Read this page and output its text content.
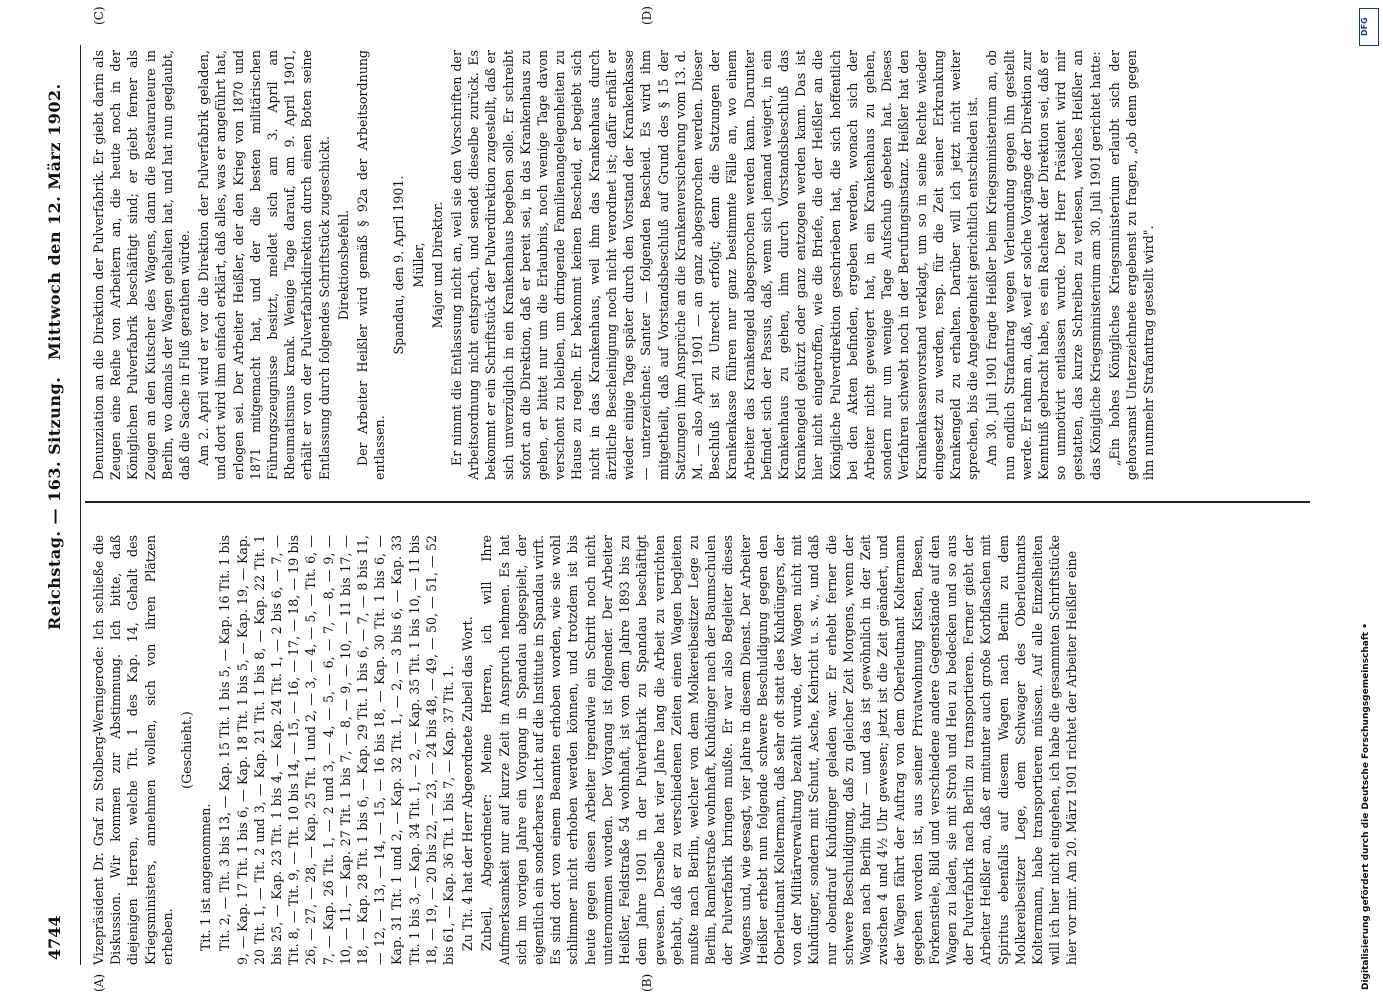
4744
Reichstag. — 163. Sitzung.
Mittwoch den 12. März 1902.
(A)	(B)
(C)	(D)

Vizepräsident Dr. Graf zu Stolberg-Wernigerode: Ich schließe die Diskussion. Wir kommen zur Abstimmung. Ich bitte, daß diejenigen Herren, welche Tit. 1 des Kap. 14, Gehalt des Kriegsministers, annehmen wollen, sich von ihren Plätzen erheben.

(Geschieht.)

Tit. 1 ist angenommen. Tit. 2, — Tit. 3 bis 13, — Kap. 15 Tit. 1 bis 5, — Kap. 16 Tit. 1 bis 9, — Kap. 17 Tit. 1 bis 6, — Kap. 18 Tit. 1 bis 5, — Kap. 19, — Kap. 20 Tit. 1, — Tit. 2 und 3, — Kap. 21 Tit. 1 bis 8, — Kap. 22 Tit. 1 bis 25, — Kap. 23 Tit. 1 bis 4, — Kap. 24 Tit. 1, — 2 bis 6, — 7, — Tit. 8, — Tit. 9, — Tit. 10 bis 14, — 15, — 16, — 17, — 18, — 19 bis 26, — 27, — 28, — Kap. 25 Tit. 1 und 2, — 3, — 4, — 5, — Tit. 6, — 7, — Kap. 26 Tit. 1, — 2 und 3, — 4, — 5, — 6, — 7, — 8, — 9, — 10, — 11, — Kap. 27 Tit. 1 bis 7, — 8, — 9, — 10, — 11 bis 17, — 18, — Kap. 28 Tit. 1 bis 6, — Kap. 29 Tit. 1 bis 6, — 7, — 8 bis 11, — 12, — 13, — 14, — 15, — 16 bis 18, — Kap. 30 Tit. 1 bis 6, — Kap. 31 Tit. 1 und 2, — Kap. 32 Tit. 1, — 2, — 3 bis 6, — Kap. 33 Tit. 1 bis 3, — Kap. 34 Tit. 1, — 2, — Kap. 35 Tit. 1 bis 10, — 11 bis 18, — 19, — 20 bis 22, — 23, — 24 bis 48, — 49, — 50, — 51, — 52 bis 61, — Kap. 36 Tit. 1 bis 7, — Kap. 37 Tit. 1. Zu Tit. 4 hat der Herr Abgeordnete Zubeil das Wort. Zubeil, Abgeordneter: Meine Herren, ich will Ihre Aufmerksamkeit nur auf kurze Zeit in Anspruch nehmen. Es hat sich im vorigen Jahre ein Vorgang in Spandau abgespielt, der eigentlich ein sonderbares Licht auf die Institute in Spandau wirft. Es sind dort von einem Beamten erhoben worden, wie sie wohl schlimmer nicht erhoben werden können, und trotzdem ist bis heute gegen diesen Arbeiter irgendwie ein Schritt noch nicht unternommen worden. Der Vorgang ist folgender. Der Arbeiter Heißler, Feldstraße 54 wohnhaft, ist von dem Jahre 1893 bis zu dem Jahre 1901 in der Pulverfabrik zu Spandau beschäftigt gewesen. Derselbe hat vier Jahre lang die Arbeit zu verrichten gehabt, daß er zu verschiedenen Zeiten einen Wagen begleiten mußte nach Berlin, welcher von dem Molkereibesitzer Lege zu Berlin, Ramlerstraße wohnhaft, Kuhdünger nach der Baumschulen der Pulverfabrik bringen mußte. Er war also Begleiter dieses Wagens und, wie gesagt, vier Jahre in diesem Dienst. Der Arbeiter Heißler erhebt nun folgende schwere Beschuldigung gegen den Oberleutnant Koltermann, daß sehr oft statt des Kuhdüngers, der von der Militärverwaltung bezahlt wurde, der Wagen nicht mit Kuhdünger, sondern mit Schutt, Asche, Kehricht u. s. w., und daß nur obendrauf Kuhdünger geladen war. Er erhebt ferner die schwere Beschuldigung, daß zu gleicher Zeit Morgens, wenn der Wagen nach Berlin fuhr — und das ist gewöhnlich in der Zeit zwischen 4 und 4½ Uhr gewesen; jetzt ist die Zeit geändert, und der Wagen fährt der Auftrag von dem Oberleutnant Koltermann gegeben worden ist, aus seiner Privatwohnung Kisten, Besen, Forkenstiele, Bild und verschiedene andere Gegenstände auf den Wagen zu laden, sie mit Stroh und Heu zu bedecken und so aus der Pulverfabrik nach Berlin zu transportieren. Ferner giebt der Arbeiter Heißler an, daß er mitunter auch große Korbflaschen mit Spiritus ebenfalls auf diesem Wagen nach Berlin zu dem Molkereibesitzer Lege, dem Schwager des Oberleutnants Koltermann, habe transportieren müssen. Auf alle Einzelheiten will ich hier nicht eingehen, ich habe die gesammten Schriftstücke hier vor mir. Am 20. März 1901 richtet der Arbeiter Heißler eine

Denunziation an die Direktion der Pulverfabrik. Er giebt darin als Zeugen eine Reihe von Arbeitern an, die heute noch in der Königlichen Pulverfabrik beschäftigt sind; er giebt ferner als Zeugen an den Kutscher des Wagens, dann die Restaurateure in Berlin, wo damals der Wagen gehalten hat, und hat nun geglaubt, daß die Sache in Fluß gerathen würde. Am 2. April wird er vor die Direktion der Pulverfabrik geladen, und dort wird ihm einfach erklärt, daß alles, was er angeführt hat, erlogen sei. Der Arbeiter Heißler, der den Krieg von 1870 und 1871 mitgemacht hat, und der die besten militärischen Führungszeugnisse besitzt, meldet sich am 3. April an Rheumatismus krank. Wenige Tage darauf, am 9. April 1901, erhält er von der Pulverfabrikdirektion durch einen Boten seine Entlassung durch folgendes Schriftstück zugeschickt. Direktionsbefehl. Der Arbeiter Heißler wird gemäß § 92a der Arbeitsordnung entlassen.

Spandau, den 9. April 1901. Müller, Major und Direktor. Er nimmt die Entlassung nicht an, weil sie den Vorschriften der Arbeitsordnung nicht entsprach, und sendet dieselbe zurück. Es bekommt er ein Schriftstück der Pulverdirektion zugestellt, daß er sich unverzüglich in ein Krankenhaus begeben solle. Er schreibt sofort an die Direktion, daß er bereit sei, in das Krankenhaus zu gehen, er bittet nur um die Erlaubnis, noch wenige Tage davon verschont zu bleiben, um dringende Familienangelegenheiten zu Hause zu regeln. Er bekommt keinen Bescheid, er begiebt sich nicht in das Krankenhaus, weil ihm das Krankenhaus durch ärztliche Bescheinigung noch nicht verordnet ist; dafür erhält er wieder einige Tage später durch den Vorstand der Krankenkasse — unterzeichnet: Santer — folgenden Bescheid. Es wird ihm mitgetheilt, daß auf Vorstandsbeschluß auf Grund des § 15 der Satzungen ihm Ansprüche an die Krankenversicherung vom 13. d. M. — also April 1901 — an ganz abgesprochen werden. Dieser Beschluß ist zu Unrecht erfolgt; denn die Satzungen der Krankenkasse führen nur ganz bestimmte Fälle an, wo einem Arbeiter das Krankengeld abgesprochen werden kann. Darunter befindet sich der Passus, daß, wenn sich jemand weigert, in ein Krankenhaus zu gehen, ihm durch Vorstandsbeschluß das Krankengeld gekürzt oder ganz entzogen werden kann. Das ist hier nicht eingetroffen, wie die Briefe, die der Heißler an die Königliche Pulverdirektion geschrieben hat, die sich hoffentlich bei den Akten befinden, ergeben werden, wonach sich der Arbeiter nicht geweigert hat, in ein Krankenhaus zu gehen, sondern nur um wenige Tage Aufschub gebeten hat. Dieses Verfahren schwebt noch in der Berufungsinstanz. Heißler hat den Krankenkassenvorstand verklagt, um so in seine Rechte wieder eingesetzt zu werden, resp. für die Zeit seiner Erkrankung Krankengeld zu erhalten. Darüber will ich jetzt nicht weiter sprechen, bis die Angelegenheit gerichtlich entschieden ist. Am 30. Juli 1901 fragte Heißler beim Kriegsministerium an, ob nun endlich Strafantrag wegen Verleumdung gegen ihn gestellt werde. Er nahm an, daß, weil er solche Vorgänge der Direktion zur Kenntniß gebracht habe, es ein Racheakt der Direktion sei, daß er so unmotivirt entlassen wurde. Der Herr Präsident wird mir gestatten, das kurze Schreiben zu verlesen, welches Heißler an das Königliche Kriegsministerium am 30. Juli 1901 gerichtet hatte: „Ein hohes Königliches Kriegsministerium erlaubt sich der gehorsamst Unterzeichnete ergebenst zu fragen, „ob denn gegen ihn nunmehr Strafantrag gestellt wird".

DFG
Digitalisierung gefördert durch die Deutsche Forschungsgemeinschaft •
